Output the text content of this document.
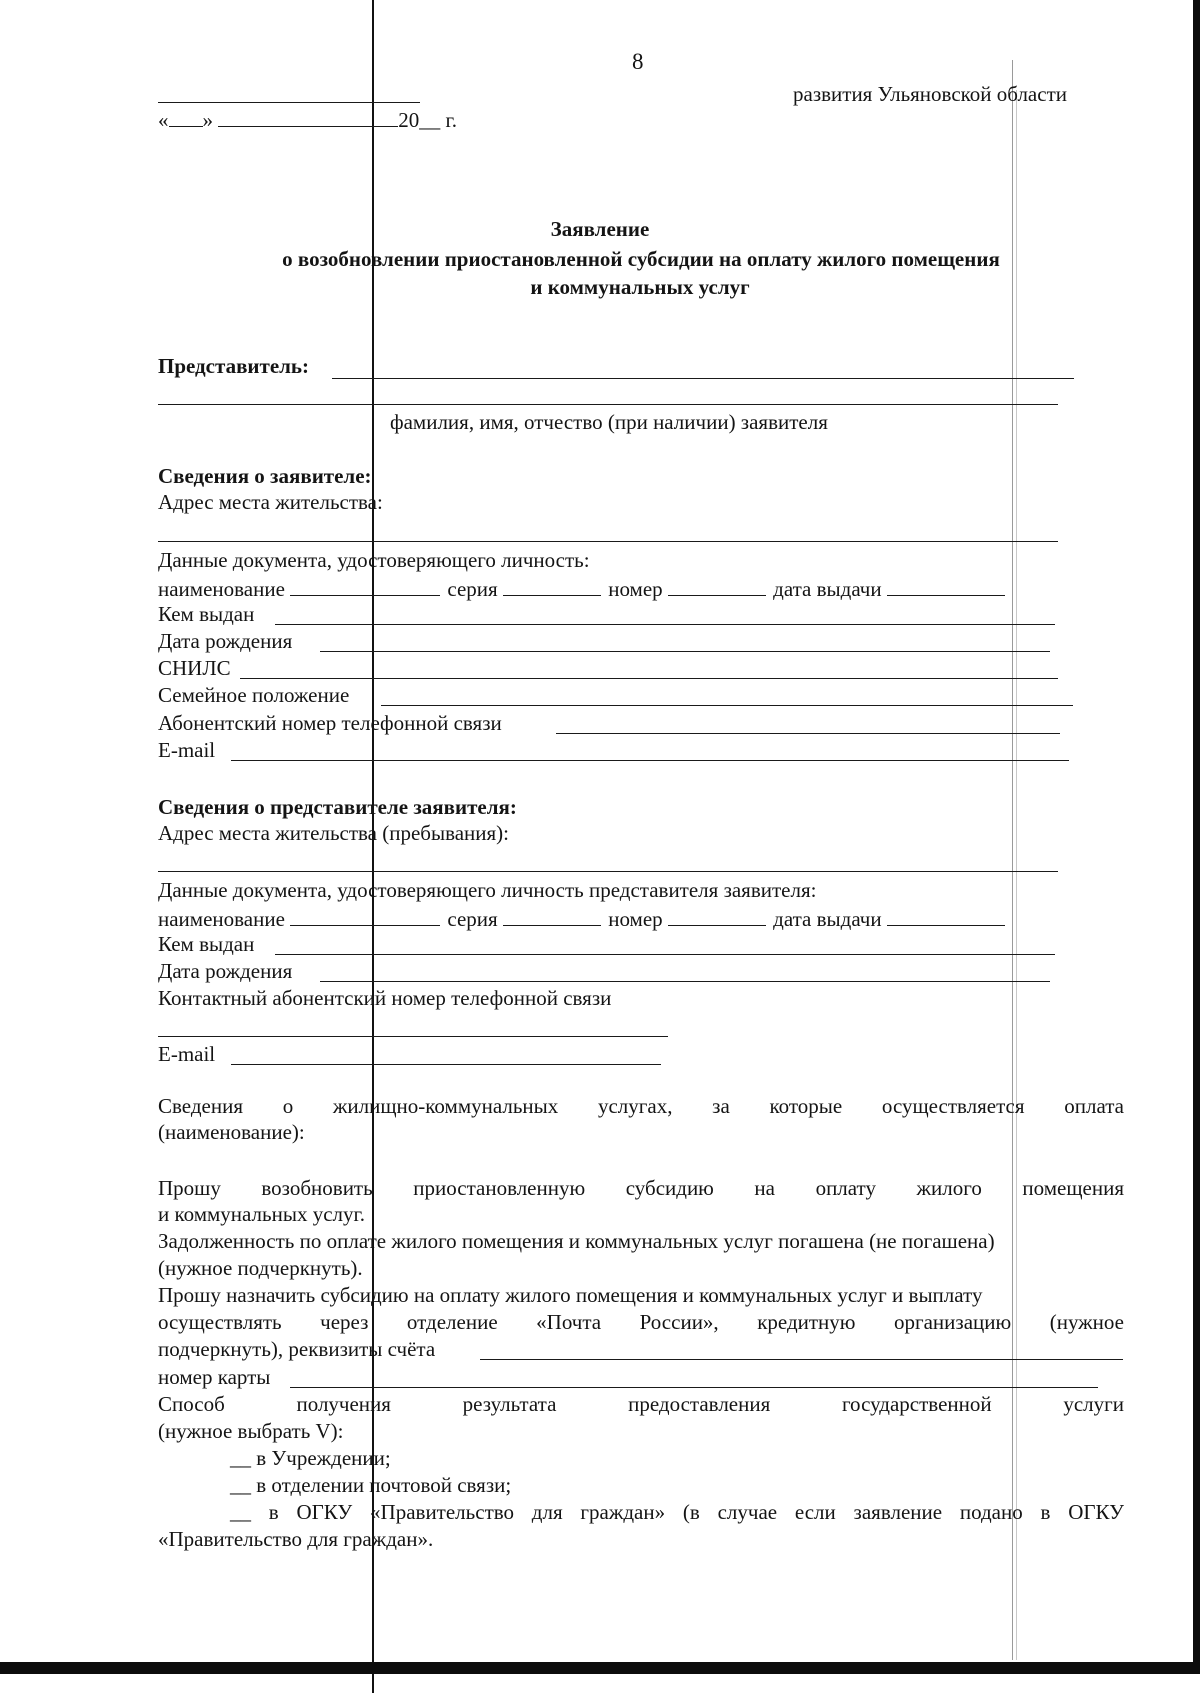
8
развития Ульяновской области
« »	20__ г.
Заявление
о возобновлении приостановленной субсидии на оплату жилого помещения
и коммунальных услуг
Представитель:
фамилия, имя, отчество (при наличии) заявителя
Сведения о заявителе:
Адрес места жительства:
Данные документа, удостоверяющего личность:
наименование	серия	номер	дата выдачи
Кем выдан
Дата рождения
СНИЛС
Семейное положение
Абонентский номер телефонной связи
E-mail
Сведения о представителе заявителя:
Адрес места жительства (пребывания):
Данные документа, удостоверяющего личность представителя заявителя:
наименование	серия	номер	дата выдачи
Кем выдан
Дата рождения
Контактный абонентский номер телефонной связи
E-mail
Сведения о жилищно-коммунальных услугах, за которые осуществляется оплата
(наименование):
Прошу возобновить приостановленную субсидию на оплату жилого помещения
и коммунальных услуг.
Задолженность по оплате жилого помещения и коммунальных услуг погашена (не погашена)
(нужное подчеркнуть).
Прошу назначить субсидию на оплату жилого помещения и коммунальных услуг и выплату
осуществлять через отделение «Почта России», кредитную организацию (нужное
подчеркнуть), реквизиты счёта
номер карты
Способ получения результата предоставления государственной услуги
(нужное выбрать V):
__ в Учреждении;
__ в отделении почтовой связи;
__ в ОГКУ «Правительство для граждан» (в случае если заявление подано в ОГКУ
«Правительство для граждан».
